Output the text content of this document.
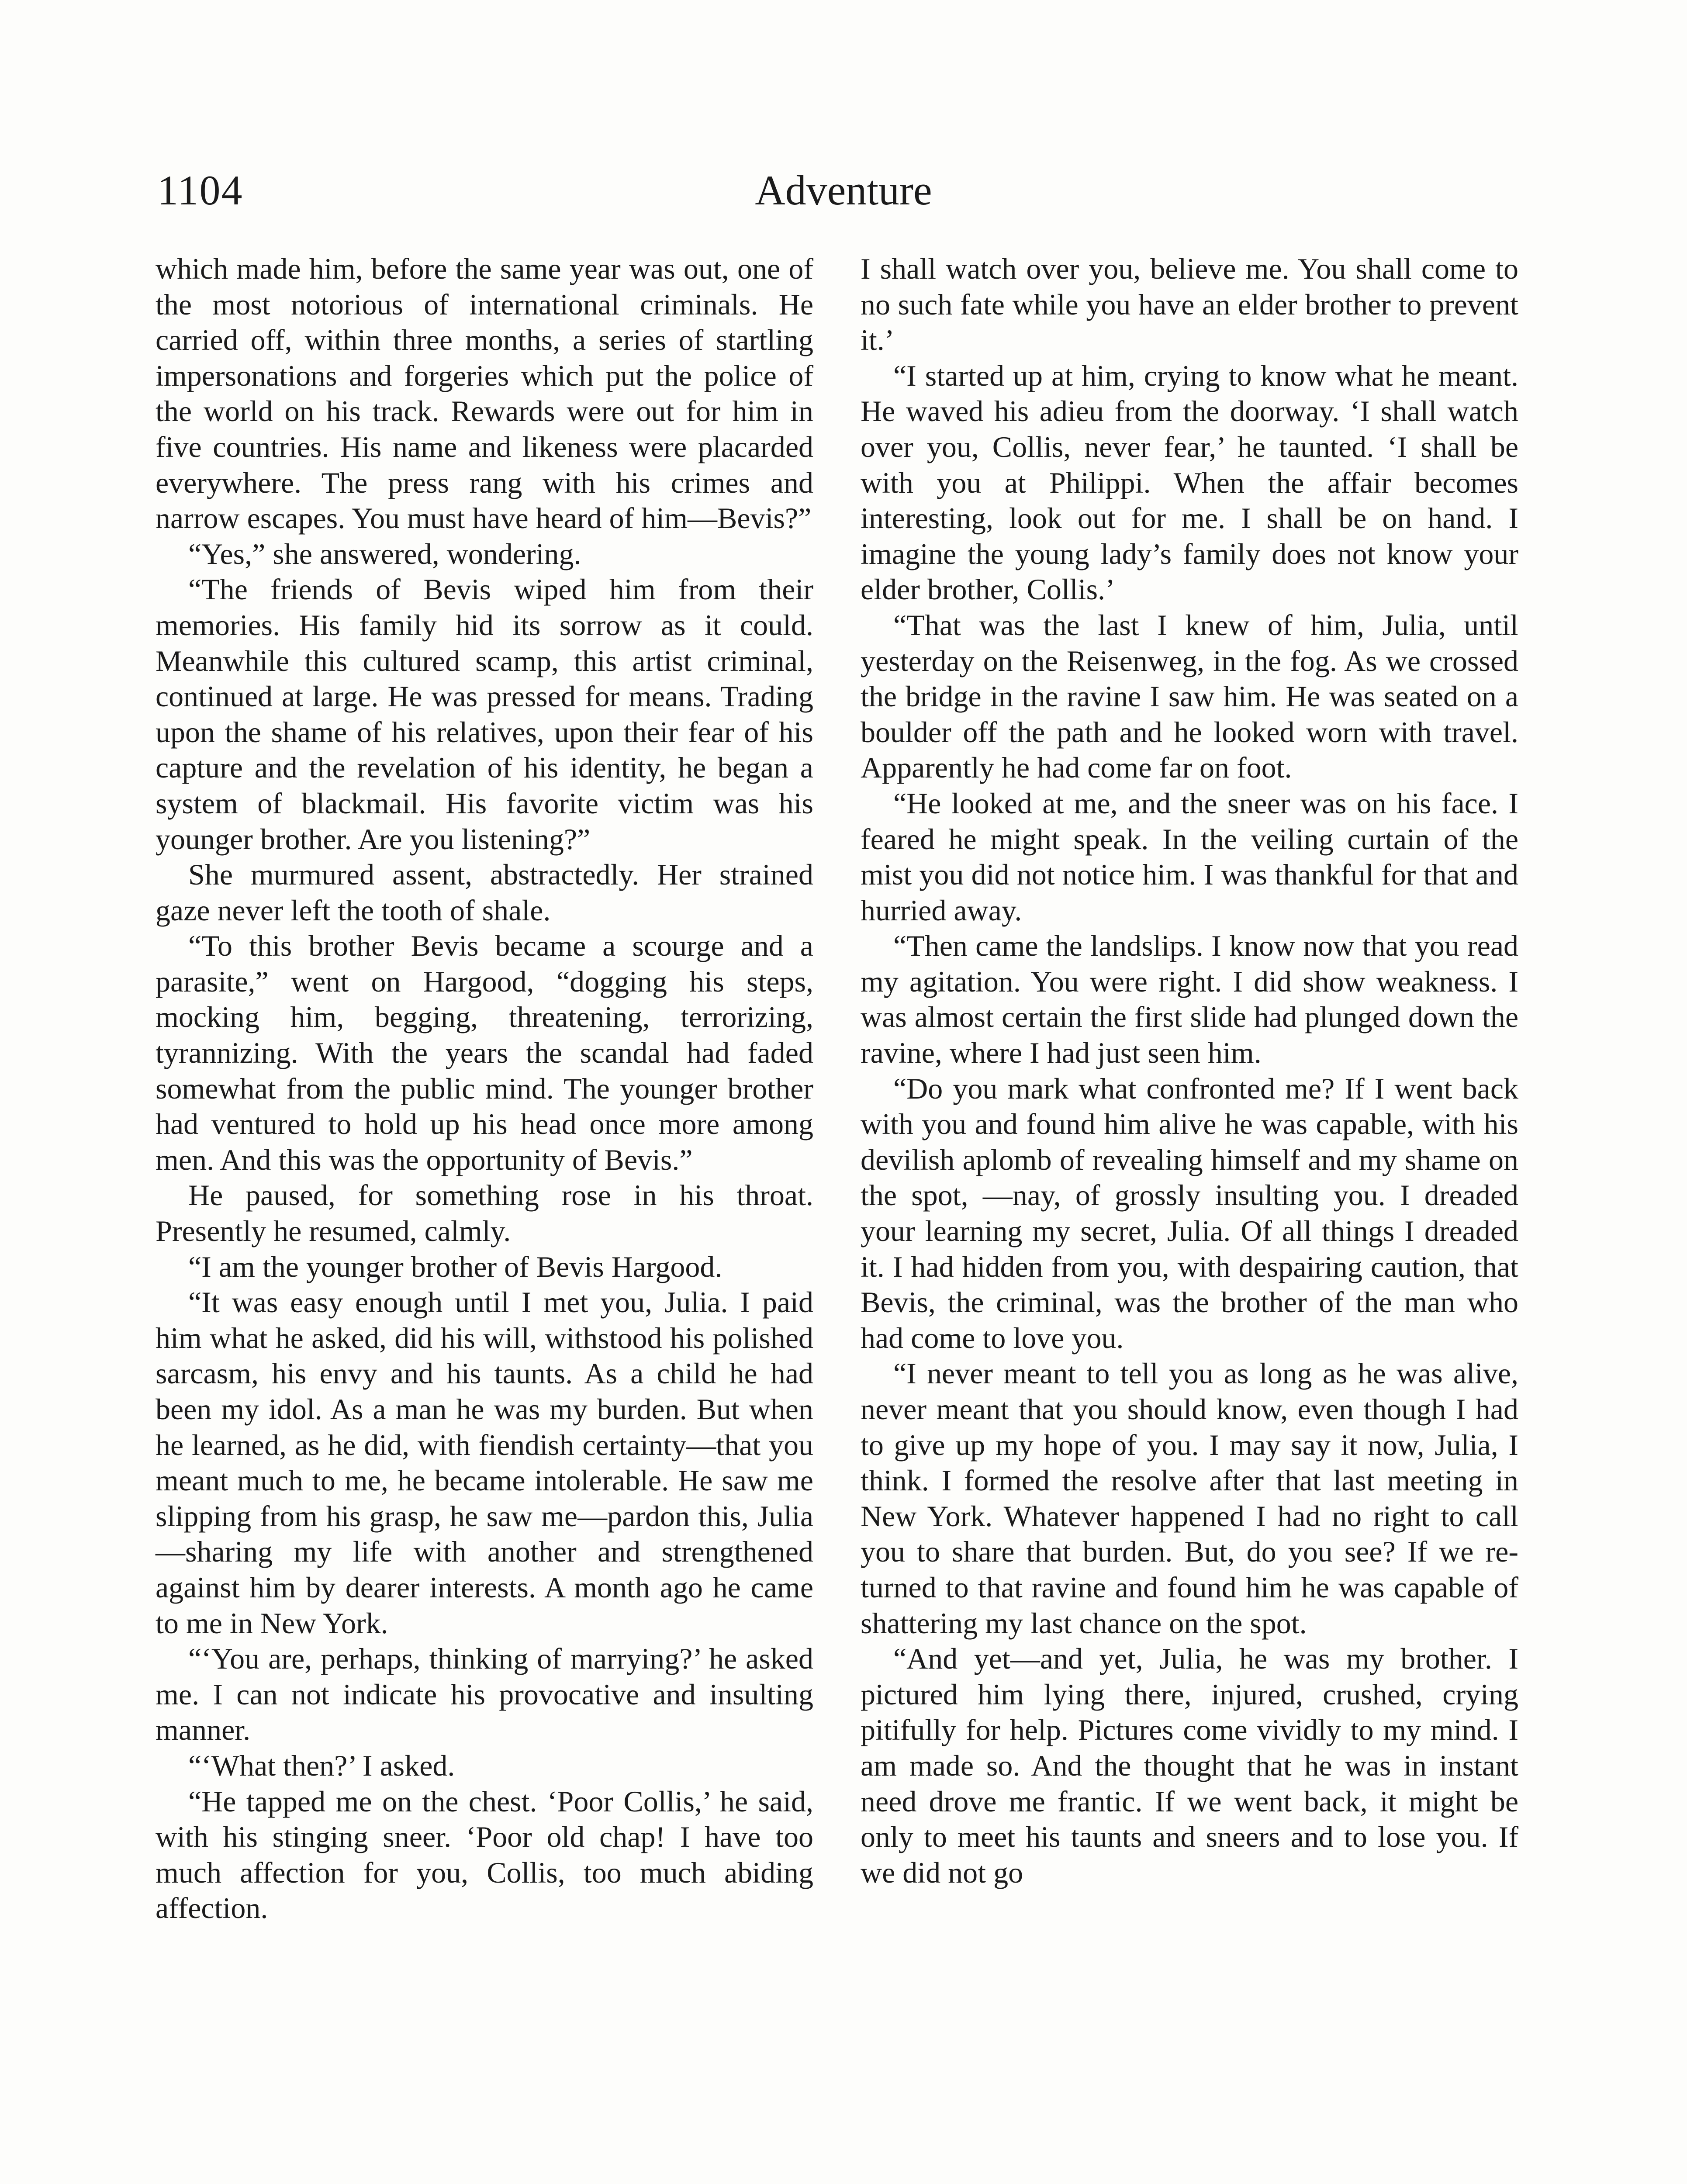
1104	Adventure

which made him, before the same year was out, one of the most notorious of international criminals. He carried off, within three months, a series of startling impersonations and forgeries which put the police of the world on his track. Rewards were out for him in five countries. His name and likeness were placarded everywhere. The press rang with his crimes and narrow escapes. You must have heard of him—Bevis?”

“Yes,” she answered, wondering.

“The friends of Bevis wiped him from their memories. His family hid its sorrow as it could. Meanwhile this cultured scamp, this artist criminal, continued at large. He was pressed for means. Trading upon the shame of his relatives, upon their fear of his capture and the revelation of his identity, he began a system of blackmail. His favorite victim was his younger brother. Are you listening?”

She murmured assent, abstractedly. Her strained gaze never left the tooth of shale.

“To this brother Bevis became a scourge and a parasite,” went on Hargood, “dogging his steps, mocking him, begging, threatening, terrorizing, tyrannizing. With the years the scandal had faded somewhat from the public mind. The younger brother had ventured to hold up his head once more among men. And this was the opportunity of Bevis.”

He paused, for something rose in his throat. Presently he resumed, calmly.

“I am the younger brother of Bevis Hargood.

“It was easy enough until I met you, Julia. I paid him what he asked, did his will, withstood his polished sarcasm, his envy and his taunts. As a child he had been my idol. As a man he was my burden. But when he learned, as he did, with fiendish certainty—that you meant much to me, he became intolerable. He saw me slipping from his grasp, he saw me—pardon this, Julia—sharing my life with another and strengthened against him by dearer interests. A month ago he came to me in New York.

“‘You are, perhaps, thinking of marrying?’ he asked me. I can not indicate his provocative and insulting manner.

“‘What then?’ I asked.

“He tapped me on the chest. ‘Poor Collis,’ he said, with his stinging sneer. ‘Poor old chap! I have too much affection for you, Collis, too much abiding affection.

I shall watch over you, believe me. You shall come to no such fate while you have an elder brother to prevent it.’

“I started up at him, crying to know what he meant. He waved his adieu from the doorway. ‘I shall watch over you, Collis, never fear,’ he taunted. ‘I shall be with you at Philippi. When the affair becomes interesting, look out for me. I shall be on hand. I imagine the young lady’s family does not know your elder brother, Collis.’

“That was the last I knew of him, Julia, until yesterday on the Reisenweg, in the fog. As we crossed the bridge in the ravine I saw him. He was seated on a boulder off the path and he looked worn with travel. Apparently he had come far on foot.

“He looked at me, and the sneer was on his face. I feared he might speak. In the veiling curtain of the mist you did not notice him. I was thankful for that and hurried away.

“Then came the landslips. I know now that you read my agitation. You were right. I did show weakness. I was almost certain the first slide had plunged down the ravine, where I had just seen him.

“Do you mark what confronted me? If I went back with you and found him alive he was capable, with his devilish aplomb of revealing himself and my shame on the spot, —nay, of grossly insulting you. I dreaded your learning my secret, Julia. Of all things I dreaded it. I had hidden from you, with despairing caution, that Bevis, the criminal, was the brother of the man who had come to love you.

“I never meant to tell you as long as he was alive, never meant that you should know, even though I had to give up my hope of you. I may say it now, Julia, I think. I formed the resolve after that last meeting in New York. Whatever happened I had no right to call you to share that burden. But, do you see? If we returned to that ravine and found him he was capable of shattering my last chance on the spot.

“And yet—and yet, Julia, he was my brother. I pictured him lying there, injured, crushed, crying pitifully for help. Pictures come vividly to my mind. I am made so. And the thought that he was in instant need drove me frantic. If we went back, it might be only to meet his taunts and sneers and to lose you. If we did not go
